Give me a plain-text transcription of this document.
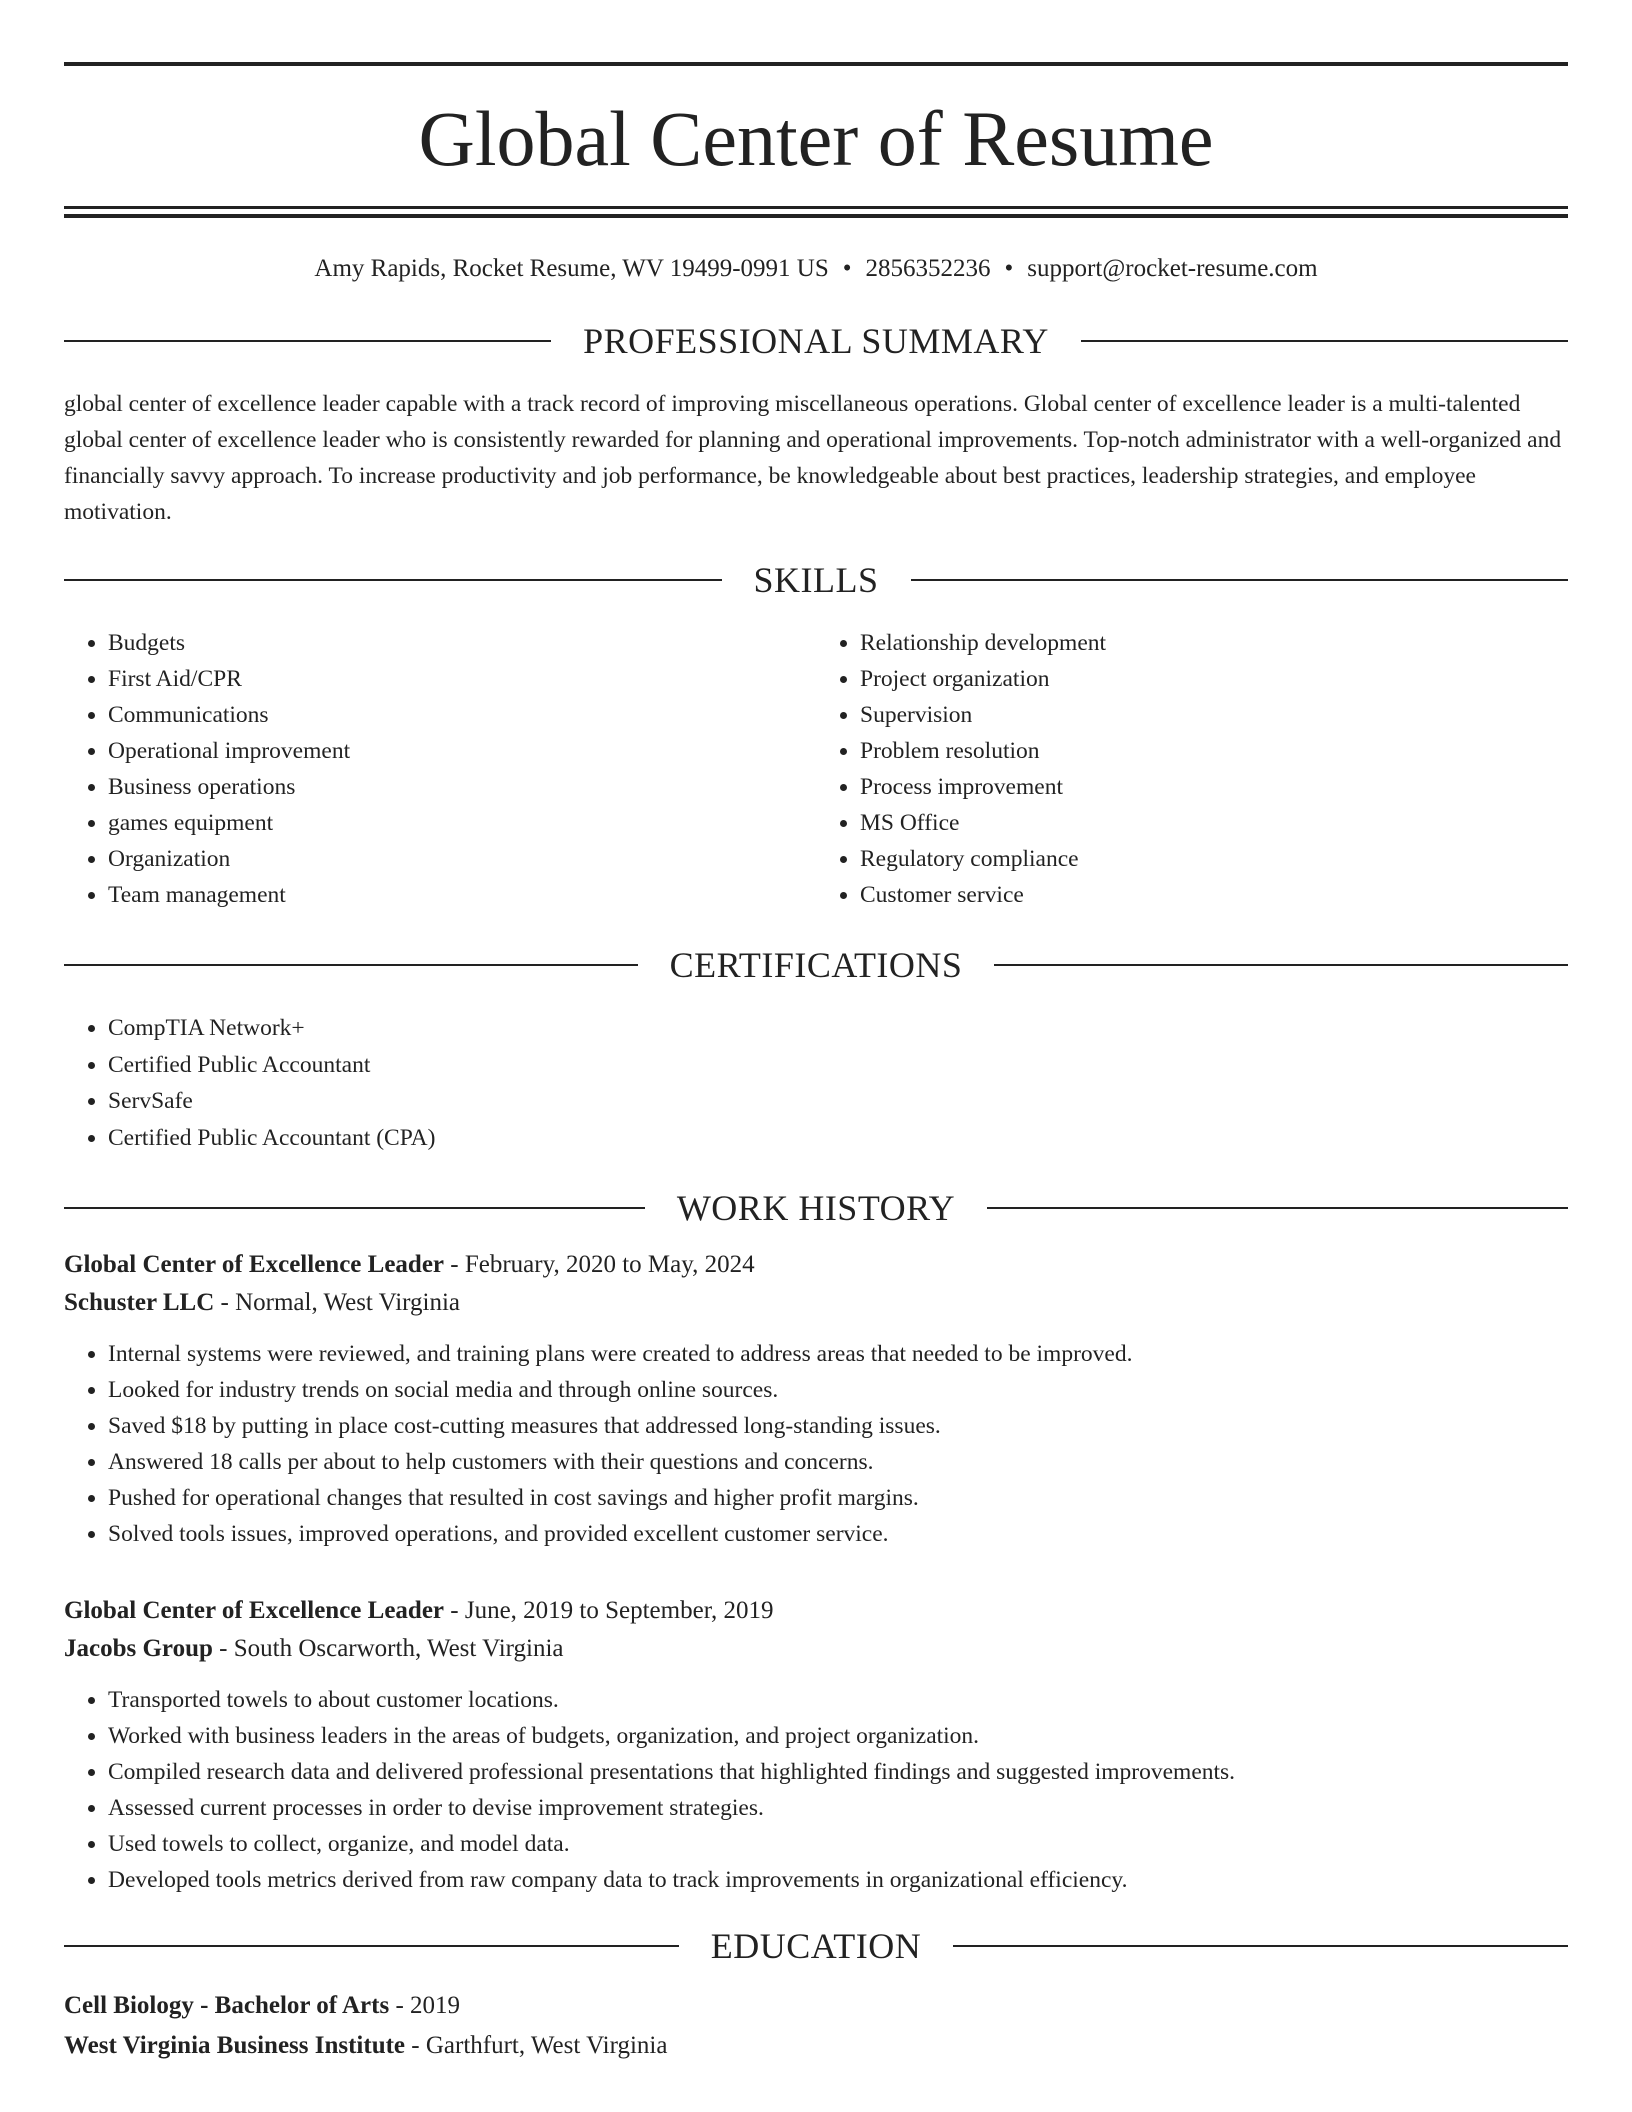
Global Center of Resume
Amy Rapids, Rocket Resume, WV 19499-0991 US • 2856352236 • support@rocket-resume.com
PROFESSIONAL SUMMARY

global center of excellence leader capable with a track record of improving miscellaneous operations. Global center of excellence leader is a multi-talented global center of excellence leader who is consistently rewarded for planning and operational improvements. Top-notch administrator with a well-organized and financially savvy approach. To increase productivity and job performance, be knowledgeable about best practices, leadership strategies, and employee motivation.

SKILLS
• Budgets
• First Aid/CPR
• Communications
• Operational improvement
• Business operations
• games equipment
• Organization
• Team management
• Relationship development
• Project organization
• Supervision
• Problem resolution
• Process improvement
• MS Office
• Regulatory compliance
• Customer service
CERTIFICATIONS
• CompTIA Network+
• Certified Public Accountant
• ServSafe
• Certified Public Accountant (CPA)
WORK HISTORY
Global Center of Excellence Leader - February, 2020 to May, 2024
Schuster LLC - Normal, West Virginia
• Internal systems were reviewed, and training plans were created to address areas that needed to be improved.
• Looked for industry trends on social media and through online sources.
• Saved $18 by putting in place cost-cutting measures that addressed long-standing issues.
• Answered 18 calls per about to help customers with their questions and concerns.
• Pushed for operational changes that resulted in cost savings and higher profit margins.
• Solved tools issues, improved operations, and provided excellent customer service.
Global Center of Excellence Leader - June, 2019 to September, 2019
Jacobs Group - South Oscarworth, West Virginia
• Transported towels to about customer locations.
• Worked with business leaders in the areas of budgets, organization, and project organization.
• Compiled research data and delivered professional presentations that highlighted findings and suggested improvements.
• Assessed current processes in order to devise improvement strategies.
• Used towels to collect, organize, and model data.
• Developed tools metrics derived from raw company data to track improvements in organizational efficiency.
EDUCATION
Cell Biology - Bachelor of Arts - 2019
West Virginia Business Institute - Garthfurt, West Virginia
